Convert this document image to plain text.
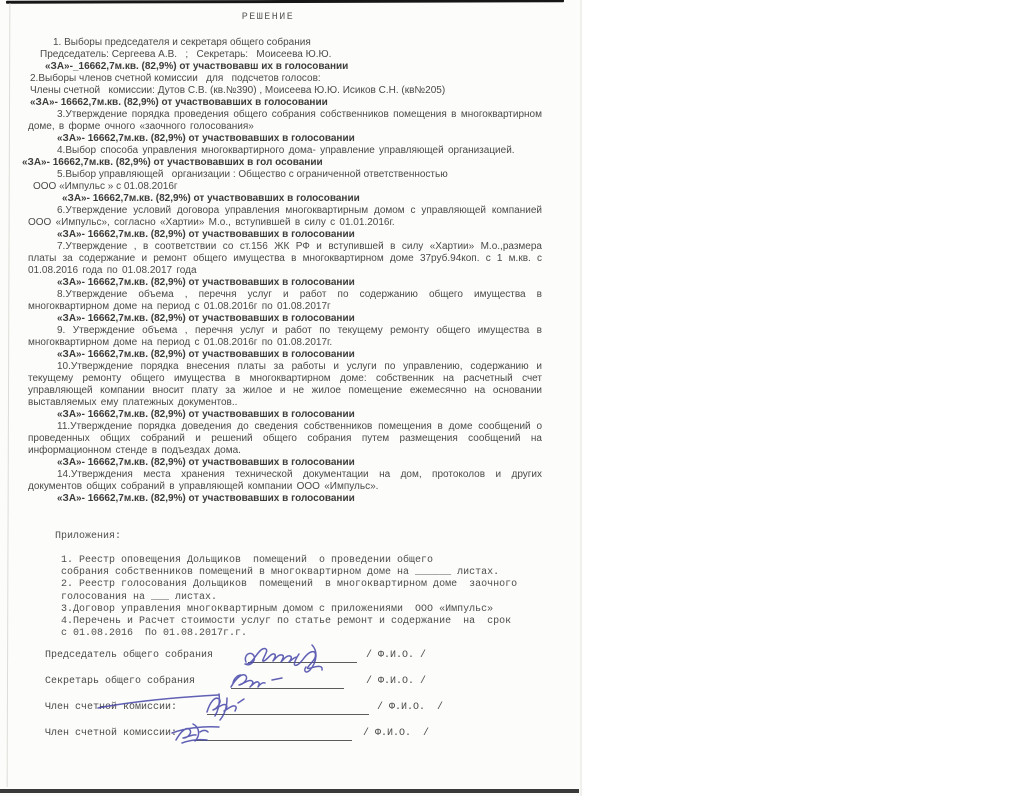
РЕШЕНИЕ

1. Выборы председателя и секретаря общего собрания

Председатель: Сергеева А.В.   ;   Секретарь:   Моисеева Ю.Ю.

«ЗА»-_16662,7м.кв. (82,9%) от участвовавш их в голосовании

2.Выборы членов счетной комиссии   для   подсчетов голосов:

Члены счетной   комиссии: Дутов С.В. (кв.№390) , Моисеева Ю.Ю. Исиков С.Н. (кв№205)

«ЗА»- 16662,7м.кв. (82,9%) от участвовавших в голосовании

3.Утверждение порядка проведения общего собрания собственников помещения в многоквартирном доме, в форме очного «заочного голосования»

«ЗА»- 16662,7м.кв. (82,9%) от участвовавших в голосовании

4.Выбор способа управления многоквартирного дома- управление управляющей организацией.

«ЗА»- 16662,7м.кв. (82,9%) от участвовавших в гол осовании

5.Выбор управляющей   организации : Общество с ограниченной ответственностью

ООО «Импульс » с 01.08.2016г

«ЗА»- 16662,7м.кв. (82,9%) от участвовавших в голосовании

6.Утверждение условий договора управления многоквартирным домом с управляющей компанией ООО «Импульс», согласно «Хартии» М.о., вступившей в силу с 01.01.2016г.

«ЗА»- 16662,7м.кв. (82,9%) от участвовавших в голосовании

7.Утверждение , в соответствии со ст.156 ЖК РФ и вступившей в силу «Хартии» М.о.,размера платы за содержание и ремонт общего имущества в многоквартирном доме 37руб.94коп. с 1 м.кв. с 01.08.2016 года по 01.08.2017 года

«ЗА»- 16662,7м.кв. (82,9%) от участвовавших в голосовании

8.Утверждение объема , перечня услуг и работ по содержанию общего имущества в многоквартирном доме на период с 01.08.2016г по 01.08.2017г

«ЗА»- 16662,7м.кв. (82,9%) от участвовавших в голосовании

9. Утверждение объема , перечня услуг и работ по текущему ремонту общего имущества в многоквартирном доме на период с 01.08.2016г по 01.08.2017г.

«ЗА»- 16662,7м.кв. (82,9%) от участвовавших в голосовании

10.Утверждение порядка внесения платы за работы и услуги по управлению, содержанию и текущему ремонту общего имущества в многоквартирном доме: собственник на расчетный счет управляющей компании вносит плату за жилое и не жилое помещение ежемесячно на основании выставляемых ему платежных документов..

«ЗА»- 16662,7м.кв. (82,9%) от участвовавших в голосовании

11.Утверждение порядка доведения до сведения собственников помещения в доме сообщений о проведенных общих собраний и решений общего собрания путем размещения сообщений на информационном стенде в подъездах дома.

«ЗА»- 16662,7м.кв. (82,9%) от участвовавших в голосовании

14.Утверждения места хранения технической документации на дом, протоколов и других документов общих собраний в управляющей компании ООО «Импульс».

«ЗА»- 16662,7м.кв. (82,9%) от участвовавших в голосовании

Приложения:
1. Реестр оповещения Дольщиков  помещений  о проведении общего
собрания собственников помещений в многоквартирном доме на ______ листах.
2. Реестр голосования Дольщиков  помещений  в многоквартирном доме  заочного
голосования на ___ листах.
3.Договор управления многоквартирным домом с приложениями  ООО «Импульс»
4.Перечень и Расчет стоимости услуг по статье ремонт и содержание  на  срок
с 01.08.2016  По 01.08.2017г.г.
Председатель общего собрания	/ Ф.И.О. /
Секретарь общего собрания	/ Ф.И.О. /
Член счетной комиссии:	/ Ф.И.О.  /
Член счетной комиссии:	/ Ф.И.О.  /
